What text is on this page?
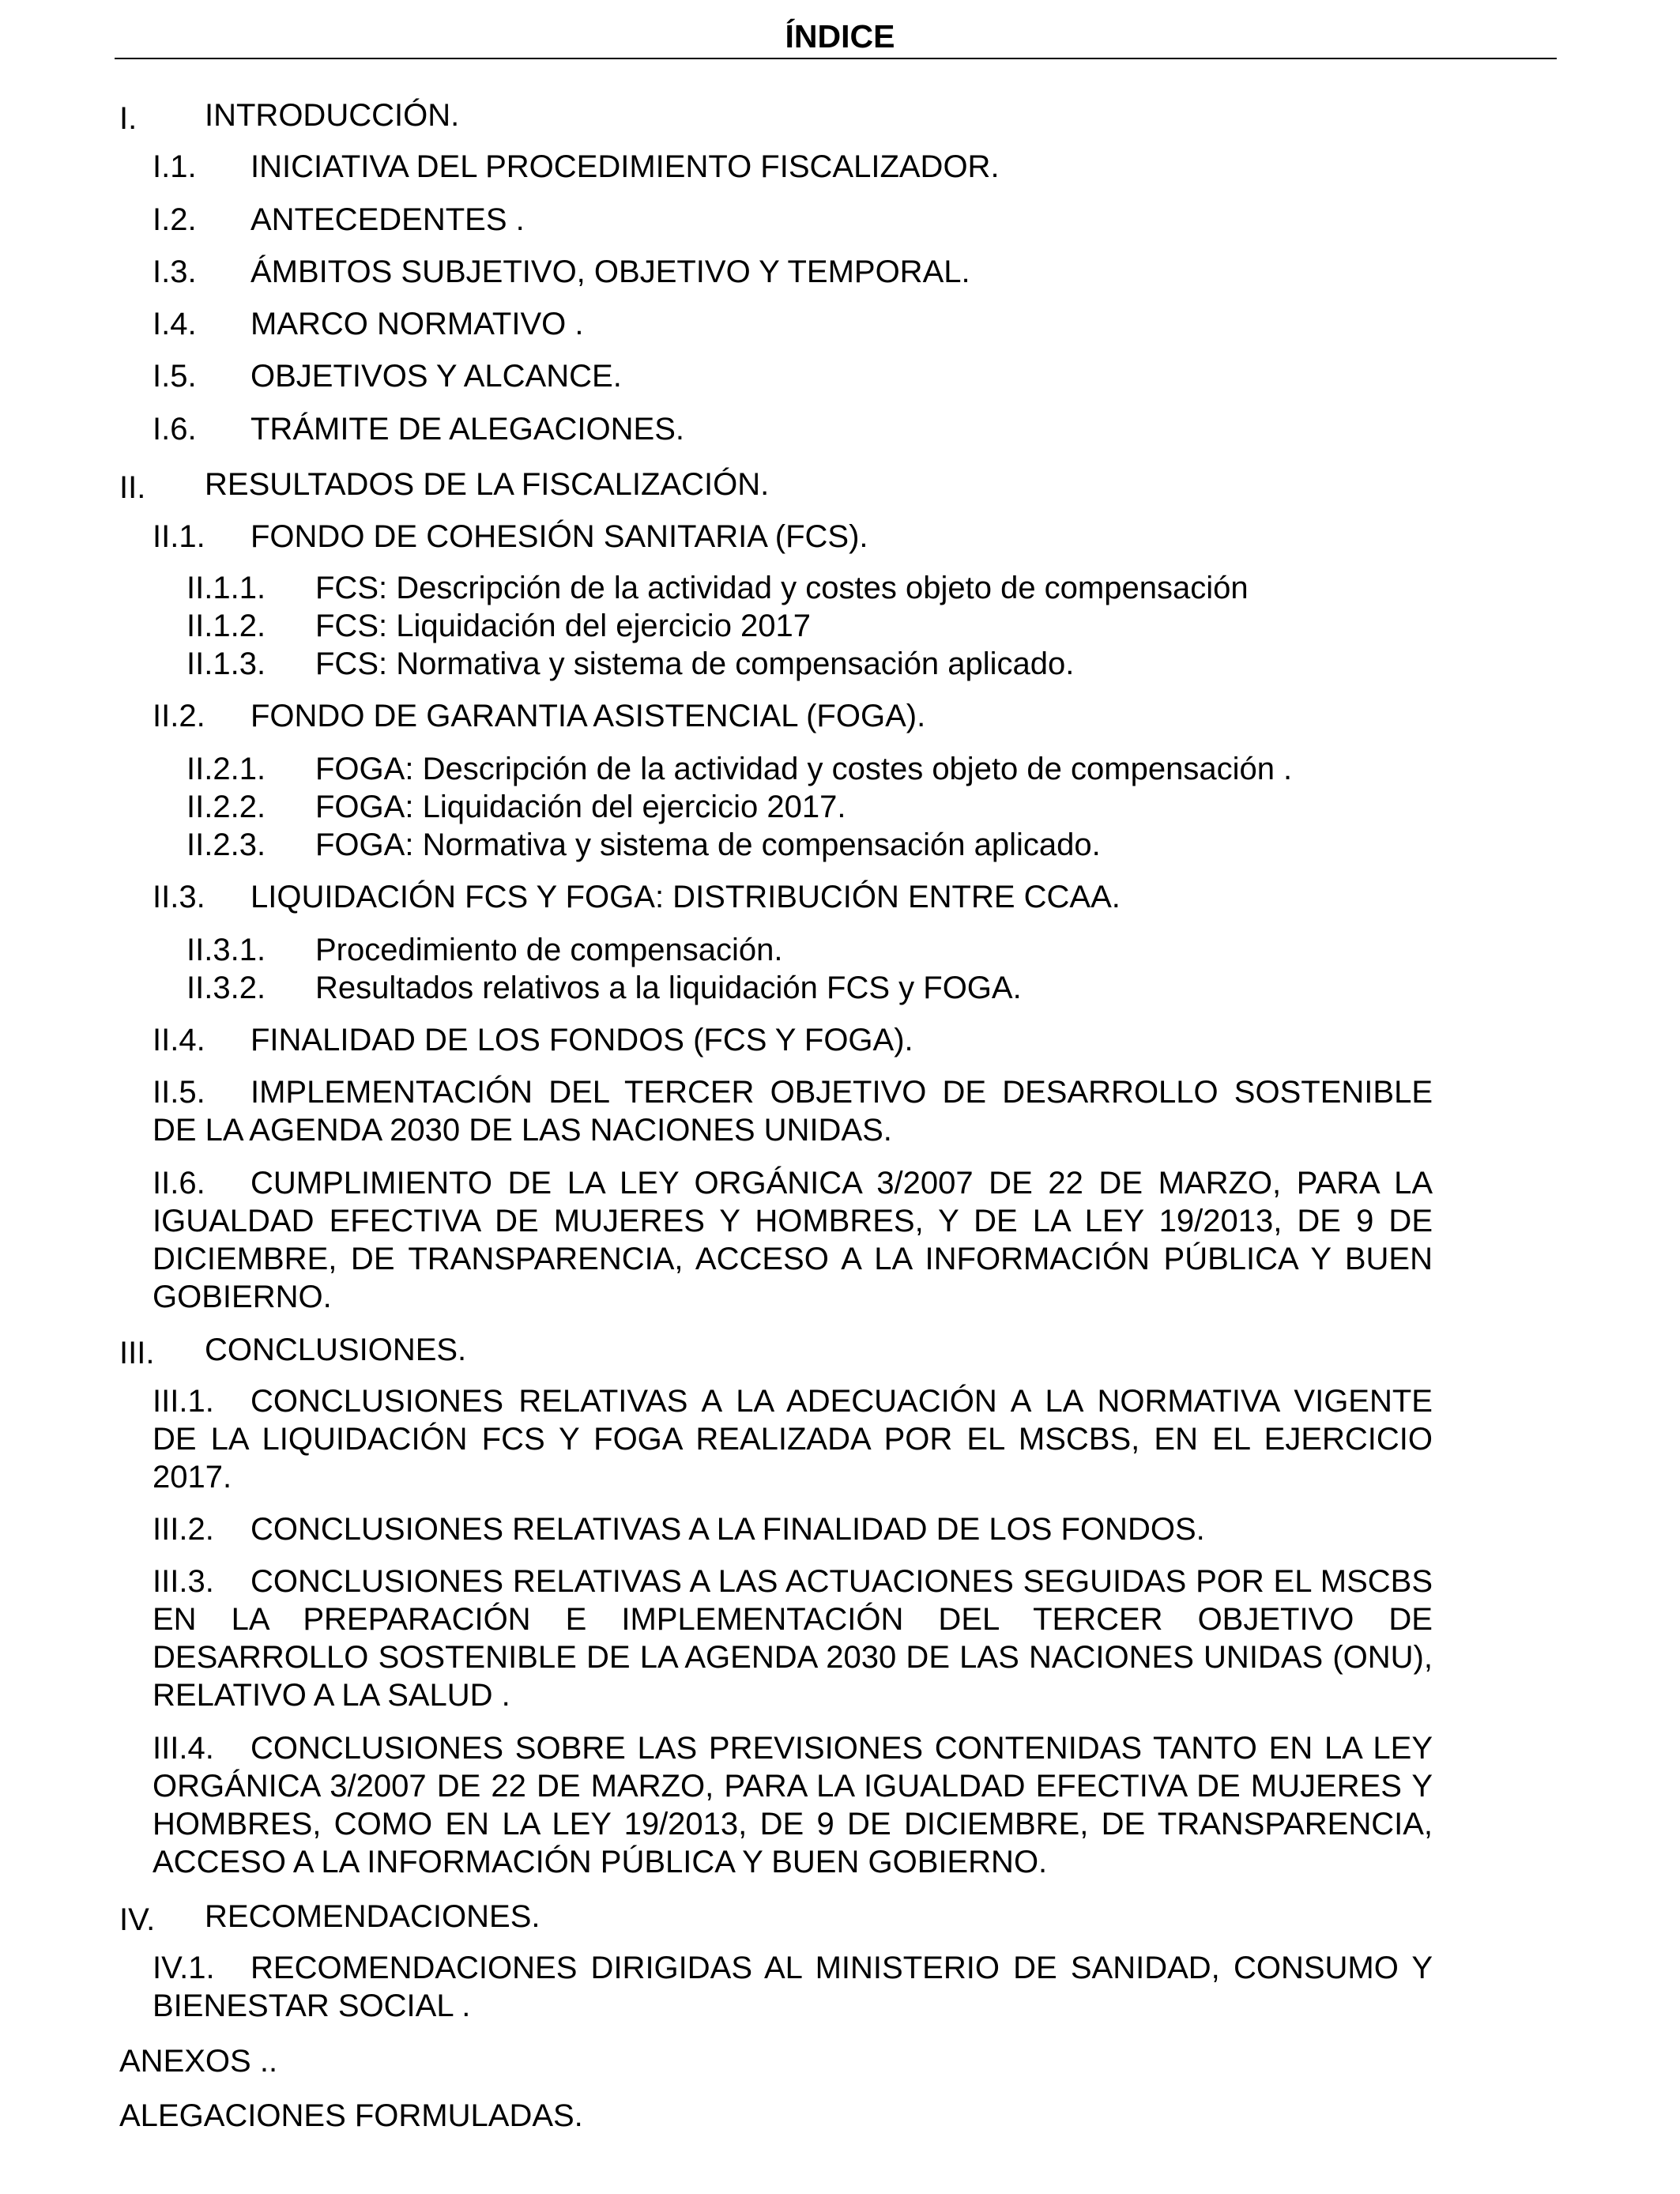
ÍNDICE
I. INTRODUCCIÓN.
I.1. INICIATIVA DEL PROCEDIMIENTO FISCALIZADOR.
I.2. ANTECEDENTES .
I.3. ÁMBITOS SUBJETIVO, OBJETIVO Y TEMPORAL.
I.4. MARCO NORMATIVO .
I.5. OBJETIVOS Y ALCANCE.
I.6. TRÁMITE DE ALEGACIONES.
II. RESULTADOS DE LA FISCALIZACIÓN.
II.1. FONDO DE COHESIÓN SANITARIA (FCS).
II.1.1. FCS: Descripción de la actividad y costes objeto de compensación
II.1.2. FCS: Liquidación del ejercicio 2017
II.1.3. FCS: Normativa y sistema de compensación aplicado.
II.2. FONDO DE GARANTIA ASISTENCIAL (FOGA).
II.2.1. FOGA: Descripción de la actividad y costes objeto de compensación .
II.2.2. FOGA: Liquidación del ejercicio 2017.
II.2.3. FOGA: Normativa y sistema de compensación aplicado.
II.3. LIQUIDACIÓN FCS Y FOGA: DISTRIBUCIÓN ENTRE CCAA.
II.3.1. Procedimiento de compensación.
II.3.2. Resultados relativos a la liquidación FCS y FOGA.
II.4. FINALIDAD DE LOS FONDOS (FCS Y FOGA).
II.5. IMPLEMENTACIÓN DEL TERCER OBJETIVO DE DESARROLLO SOSTENIBLE DE LA AGENDA 2030 DE LAS NACIONES UNIDAS.
II.6. CUMPLIMIENTO DE LA LEY ORGÁNICA 3/2007 DE 22 DE MARZO, PARA LA IGUALDAD EFECTIVA DE MUJERES Y HOMBRES, Y DE LA LEY 19/2013, DE 9 DE DICIEMBRE, DE TRANSPARENCIA, ACCESO A LA INFORMACIÓN PÚBLICA Y BUEN GOBIERNO.
III. CONCLUSIONES.
III.1. CONCLUSIONES RELATIVAS A LA ADECUACIÓN A LA NORMATIVA VIGENTE DE LA LIQUIDACIÓN FCS Y FOGA REALIZADA POR EL MSCBS, EN EL EJERCICIO 2017.
III.2. CONCLUSIONES RELATIVAS A LA FINALIDAD DE LOS FONDOS.
III.3. CONCLUSIONES RELATIVAS A LAS ACTUACIONES SEGUIDAS POR EL MSCBS EN LA PREPARACIÓN E IMPLEMENTACIÓN DEL TERCER OBJETIVO DE DESARROLLO SOSTENIBLE DE LA AGENDA 2030 DE LAS NACIONES UNIDAS (ONU), RELATIVO A LA SALUD .
III.4. CONCLUSIONES SOBRE LAS PREVISIONES CONTENIDAS TANTO EN LA LEY ORGÁNICA 3/2007 DE 22 DE MARZO, PARA LA IGUALDAD EFECTIVA DE MUJERES Y HOMBRES, COMO EN LA LEY 19/2013, DE 9 DE DICIEMBRE, DE TRANSPARENCIA, ACCESO A LA INFORMACIÓN PÚBLICA Y BUEN GOBIERNO.
IV. RECOMENDACIONES.
IV.1. RECOMENDACIONES DIRIGIDAS AL MINISTERIO DE SANIDAD, CONSUMO Y BIENESTAR SOCIAL .
ANEXOS ..
ALEGACIONES FORMULADAS.
